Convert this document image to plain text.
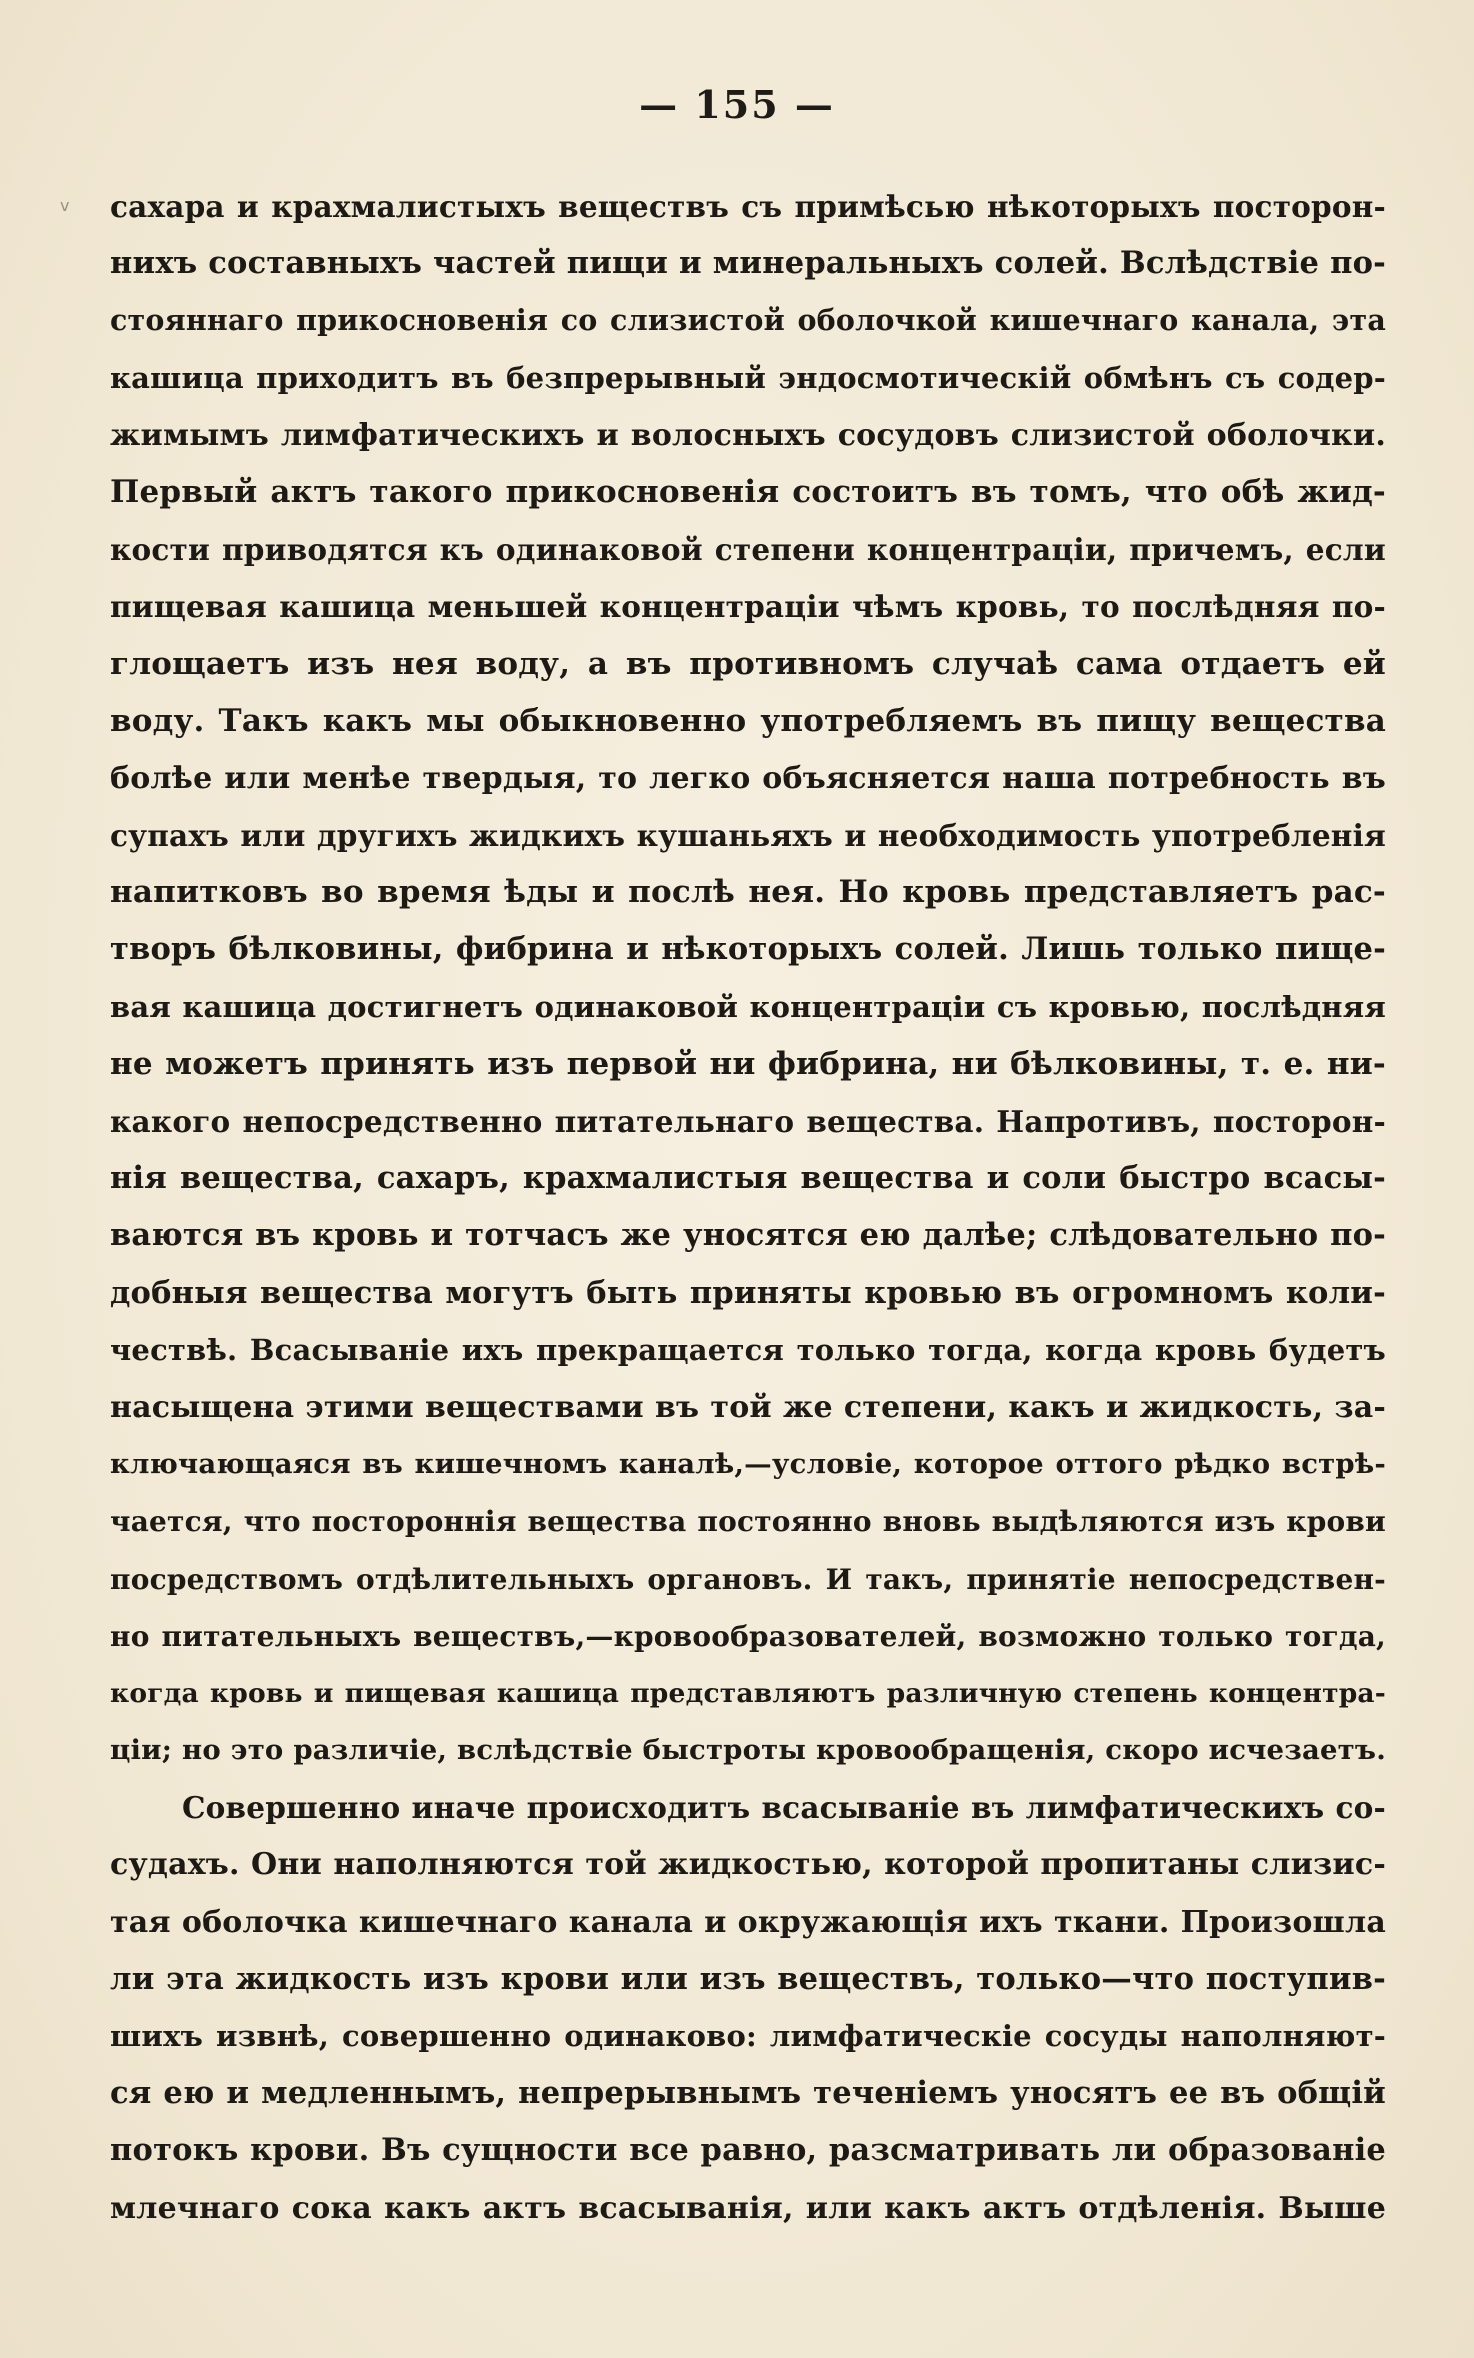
— 155 —
сахара и крахмалистыхъ веществъ съ примѣсью нѣкоторыхъ посторон-
нихъ составныхъ частей пищи и минеральныхъ солей. Вслѣдствіе по-
стояннаго прикосновенія со слизистой оболочкой кишечнаго канала, эта
кашица приходитъ въ безпрерывный эндосмотическій обмѣнъ съ содер-
жимымъ лимфатическихъ и волосныхъ сосудовъ слизистой оболочки.
Первый актъ такого прикосновенія состоитъ въ томъ, что обѣ жид-
кости приводятся къ одинаковой степени концентраціи, причемъ, если
пищевая кашица меньшей концентраціи чѣмъ кровь, то послѣдняя по-
глощаетъ изъ нея воду, а въ противномъ случаѣ сама отдаетъ ей
воду. Такъ какъ мы обыкновенно употребляемъ въ пищу вещества
болѣе или менѣе твердыя, то легко объясняется наша потребность въ
супахъ или другихъ жидкихъ кушаньяхъ и необходимость употребленія
напитковъ во время ѣды и послѣ нея. Но кровь представляетъ рас-
творъ бѣлковины, фибрина и нѣкоторыхъ солей. Лишь только пище-
вая кашица достигнетъ одинаковой концентраціи съ кровью, послѣдняя
не можетъ принять изъ первой ни фибрина, ни бѣлковины, т. е. ни-
какого непосредственно питательнаго вещества. Напротивъ, посторон-
нія вещества, сахаръ, крахмалистыя вещества и соли быстро всасы-
ваются въ кровь и тотчасъ же уносятся ею далѣе; слѣдовательно по-
добныя вещества могутъ быть приняты кровью въ огромномъ коли-
чествѣ. Всасываніе ихъ прекращается только тогда, когда кровь будетъ
насыщена этими веществами въ той же степени, какъ и жидкость, за-
ключающаяся въ кишечномъ каналѣ,—условіе, которое оттого рѣдко встрѣ-
чается, что постороннія вещества постоянно вновь выдѣляются изъ крови
посредствомъ отдѣлительныхъ органовъ. И такъ, принятіе непосредствен-
но питательныхъ веществъ,—кровообразователей, возможно только тогда,
когда кровь и пищевая кашица представляютъ различную степень концентра-
ціи; но это различіе, вслѣдствіе быстроты кровообращенія, скоро исчезаетъ.
Совершенно иначе происходитъ всасываніе въ лимфатическихъ со-
судахъ. Они наполняются той жидкостью, которой пропитаны слизис-
тая оболочка кишечнаго канала и окружающія ихъ ткани. Произошла
ли эта жидкость изъ крови или изъ веществъ, только—что поступив-
шихъ извнѣ, совершенно одинаково: лимфатическіе сосуды наполняют-
ся ею и медленнымъ, непрерывнымъ теченіемъ уносятъ ее въ общій
потокъ крови. Въ сущности все равно, разсматривать ли образованіе
млечнаго сока какъ актъ всасыванія, или какъ актъ отдѣленія. Выше
ⅴ
